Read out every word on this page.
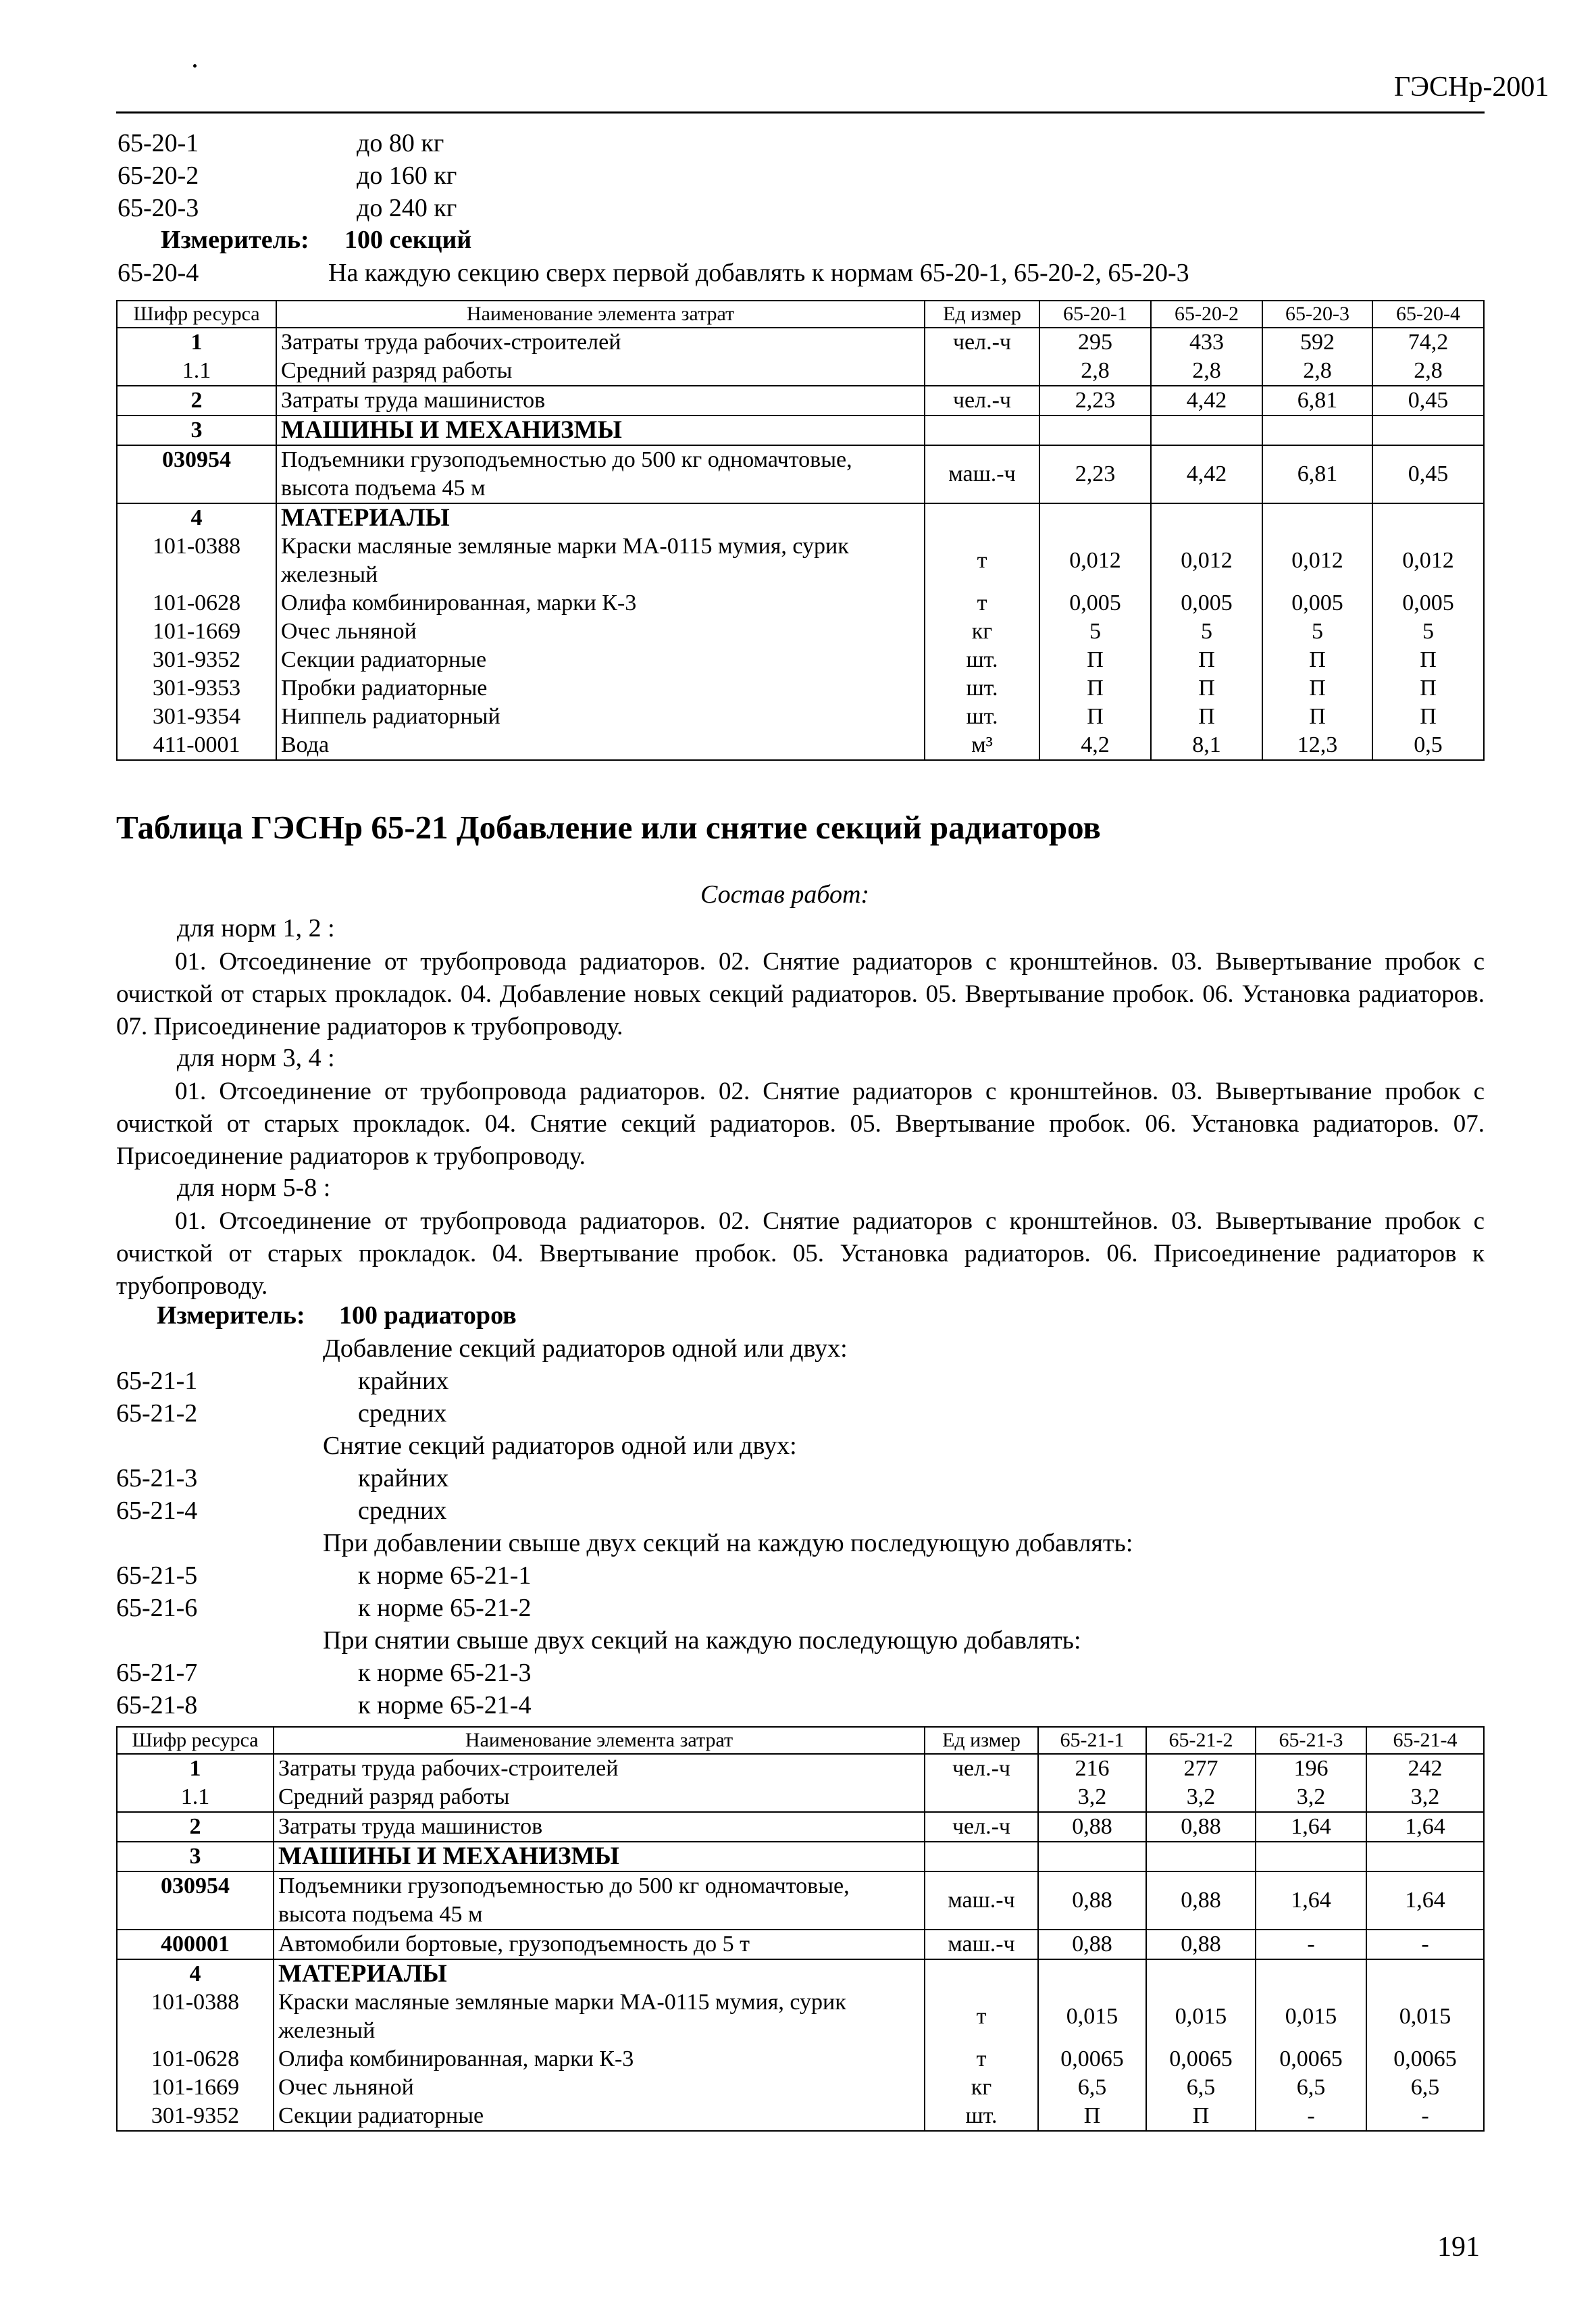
ГЭСНр-2001
65-20-1	до 80 кг
65-20-2	до 160 кг
65-20-3	до 240 кг
Измеритель: 100 секций
65-20-4	На каждую секцию сверх первой добавлять к нормам 65-20-1, 65-20-2, 65-20-3
Шифр ресурса	Наименование элемента затрат	Ед измер	65-20-1	65-20-2	65-20-3	65-20-4
1	Затраты труда рабочих-строителей	чел.-ч	295	433	592	74,2
1.1	Средний разряд работы		2,8	2,8	2,8	2,8
2	Затраты труда машинистов	чел.-ч	2,23	4,42	6,81	0,45
3	МАШИНЫ И МЕХАНИЗМЫ					
030954	Подъемники грузоподъемностью до 500 кг одномачтовые, высота подъема 45 м	маш.-ч	2,23	4,42	6,81	0,45
4	МАТЕРИАЛЫ					
101-0388	Краски масляные земляные марки МА-0115 мумия, сурик железный	т	0,012	0,012	0,012	0,012
101-0628	Олифа комбинированная, марки К-3	т	0,005	0,005	0,005	0,005
101-1669	Очес льняной	кг	5	5	5	5
301-9352	Секции радиаторные	шт.	П	П	П	П
301-9353	Пробки радиаторные	шт.	П	П	П	П
301-9354	Ниппель радиаторный	шт.	П	П	П	П
411-0001	Вода	м³	4,2	8,1	12,3	0,5
Таблица ГЭСНр 65-21 Добавление или снятие секций радиаторов
Состав работ:
для норм 1, 2 :
01. Отсоединение от трубопровода радиаторов. 02. Снятие радиаторов с кронштейнов. 03. Вывертывание пробок с очисткой от старых прокладок. 04. Добавление новых секций радиаторов. 05. Ввертывание пробок. 06. Установка радиаторов. 07. Присоединение радиаторов к трубопроводу.
для норм 3, 4 :
01. Отсоединение от трубопровода радиаторов. 02. Снятие радиаторов с кронштейнов. 03. Вывертывание пробок с очисткой от старых прокладок. 04. Снятие секций радиаторов. 05. Ввертывание пробок. 06. Установка радиаторов. 07. Присоединение радиаторов к трубопроводу.
для норм 5-8 :
01. Отсоединение от трубопровода радиаторов. 02. Снятие радиаторов с кронштейнов. 03. Вывертывание пробок с очисткой от старых прокладок. 04. Ввертывание пробок. 05. Установка радиаторов. 06. Присоединение радиаторов к трубопроводу.
Измеритель: 100 радиаторов
Добавление секций радиаторов одной или двух:
65-21-1	крайних
65-21-2	средних
Снятие секций радиаторов одной или двух:
65-21-3	крайних
65-21-4	средних
При добавлении свыше двух секций на каждую последующую добавлять:
65-21-5	к норме 65-21-1
65-21-6	к норме 65-21-2
При снятии свыше двух секций на каждую последующую добавлять:
65-21-7	к норме 65-21-3
65-21-8	к норме 65-21-4
Шифр ресурса	Наименование элемента затрат	Ед измер	65-21-1	65-21-2	65-21-3	65-21-4
1	Затраты труда рабочих-строителей	чел.-ч	216	277	196	242
1.1	Средний разряд работы		3,2	3,2	3,2	3,2
2	Затраты труда машинистов	чел.-ч	0,88	0,88	1,64	1,64
3	МАШИНЫ И МЕХАНИЗМЫ					
030954	Подъемники грузоподъемностью до 500 кг одномачтовые, высота подъема 45 м	маш.-ч	0,88	0,88	1,64	1,64
400001	Автомобили бортовые, грузоподъемность до 5 т	маш.-ч	0,88	0,88	-	-
4	МАТЕРИАЛЫ					
101-0388	Краски масляные земляные марки МА-0115 мумия, сурик железный	т	0,015	0,015	0,015	0,015
101-0628	Олифа комбинированная, марки К-3	т	0,0065	0,0065	0,0065	0,0065
101-1669	Очес льняной	кг	6,5	6,5	6,5	6,5
301-9352	Секции радиаторные	шт.	П	П	-	-
191
